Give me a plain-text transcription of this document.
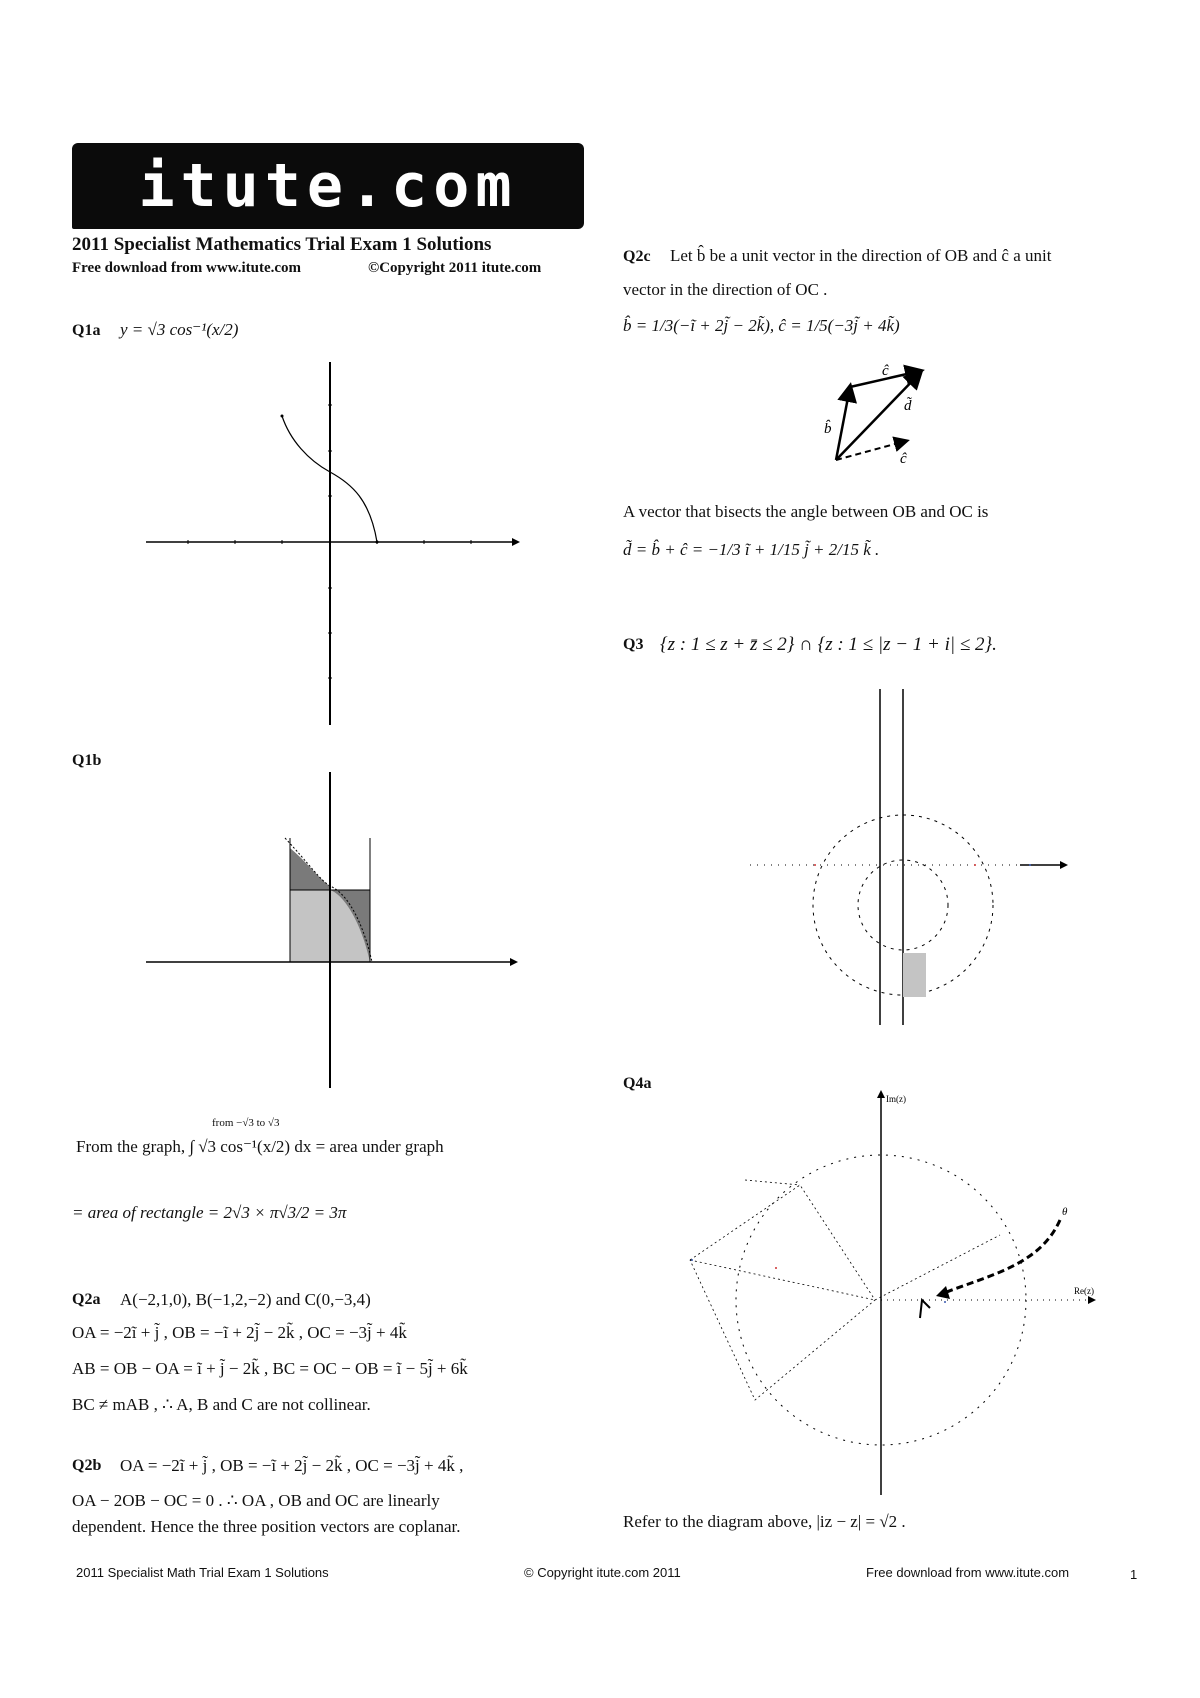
itute.com
2011 Specialist Mathematics Trial Exam 1 Solutions
Free download from www.itute.com	©Copyright 2011 itute.com
Q1a y = √3 cos⁻¹(x/2)
Q1b
From the graph, ∫ √3 cos⁻¹(x/2) dx = area under graph
from −√3 to √3
= area of rectangle = 2√3 × π√3/2 = 3π
Q2a A(−2,1,0), B(−1,2,−2) and C(0,−3,4)
OA = −2ĩ + j̃ , OB = −ĩ + 2j̃ − 2k̃ , OC = −3j̃ + 4k̃
AB = OB − OA = ĩ + j̃ − 2k̃ , BC = OC − OB = ĩ − 5j̃ + 6k̃
BC ≠ mAB , ∴ A, B and C are not collinear.
Q2b OA = −2ĩ + j̃ , OB = −ĩ + 2j̃ − 2k̃ , OC = −3j̃ + 4k̃ ,
OA − 2OB − OC = 0 . ∴ OA , OB and OC are linearly
dependent. Hence the three position vectors are coplanar.
Q2c Let b̂ be a unit vector in the direction of OB and ĉ a unit
vector in the direction of OC .
b̂ = 1/3(−ĩ + 2j̃ − 2k̃), ĉ = 1/5(−3j̃ + 4k̃)
b̂
ĉ
d̃
ĉ
A vector that bisects the angle between OB and OC is
d̃ = b̂ + ĉ = −1/3 ĩ + 1/15 j̃ + 2/15 k̃ .
Q3 {z : 1 ≤ z + z̄ ≤ 2} ∩ {z : 1 ≤ |z − 1 + i| ≤ 2}.
Q4a
Im(z)
Re(z)
θ
Refer to the diagram above, |iz − z| = √2 .
2011 Specialist Math Trial Exam 1 Solutions	© Copyright itute.com 2011	Free download from www.itute.com	1
